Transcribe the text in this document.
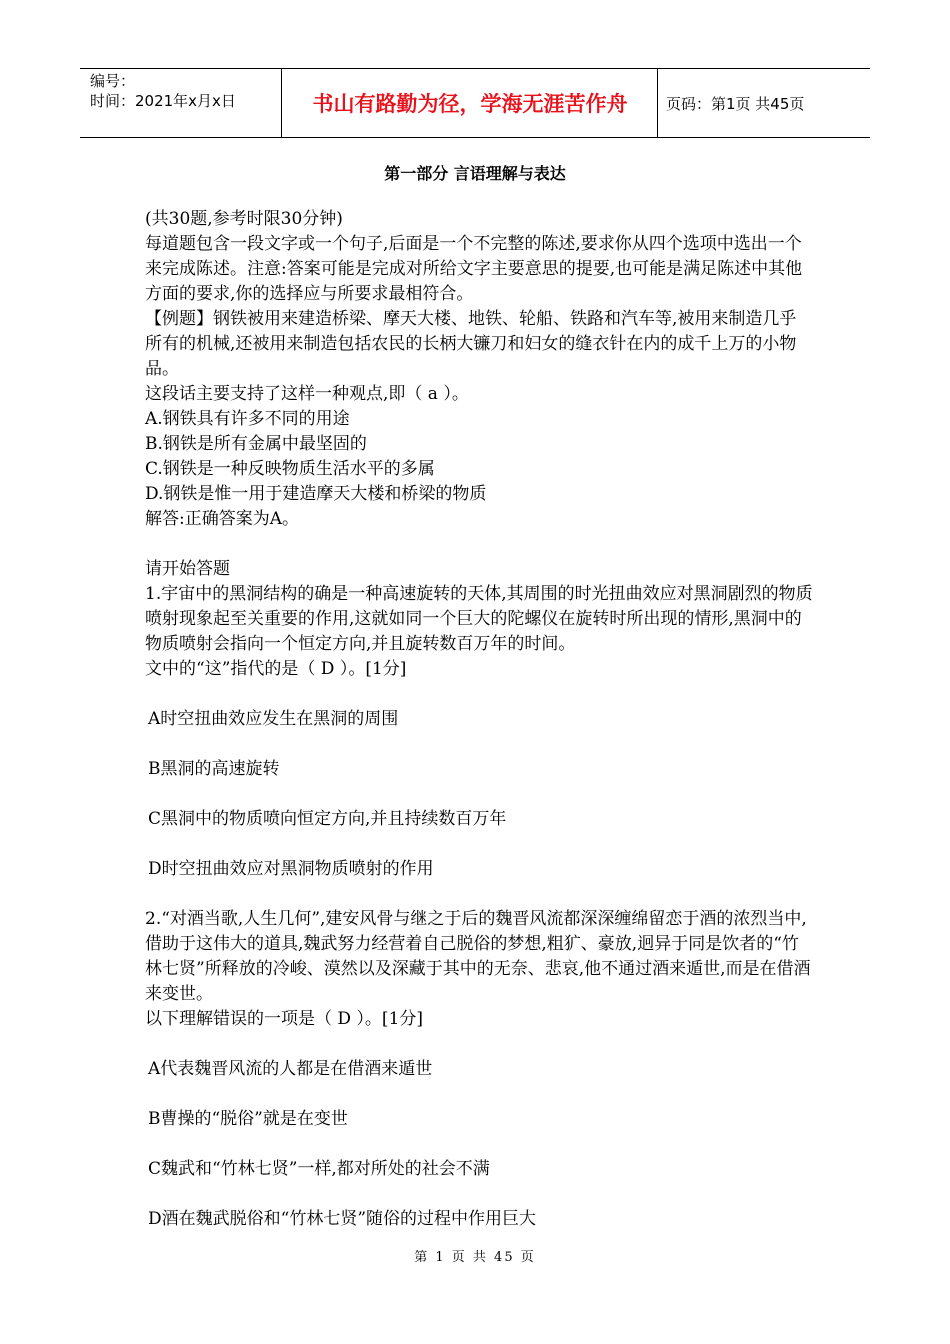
编号：
时间：2021年x月x日	书山有路勤为径，学海无涯苦作舟	页码：第1页 共45页
第一部分 言语理解与表达

(共30题,参考时限30分钟)

每道题包含一段文字或一个句子,后面是一个不完整的陈述,要求你从四个选项中选出一个来完成陈述。注意:答案可能是完成对所给文字主要意思的提要,也可能是满足陈述中其他方面的要求,你的选择应与所要求最相符合。

【例题】钢铁被用来建造桥梁、摩天大楼、地铁、轮船、铁路和汽车等,被用来制造几乎所有的机械,还被用来制造包括农民的长柄大镰刀和妇女的缝衣针在内的成千上万的小物品。

这段话主要支持了这样一种观点,即（ a ）。

A.钢铁具有许多不同的用途

B.钢铁是所有金属中最坚固的

C.钢铁是一种反映物质生活水平的多属

D.钢铁是惟一用于建造摩天大楼和桥梁的物质

解答:正确答案为A。

请开始答题

1.宇宙中的黑洞结构的确是一种高速旋转的天体,其周围的时光扭曲效应对黑洞剧烈的物质喷射现象起至关重要的作用,这就如同一个巨大的陀螺仪在旋转时所出现的情形,黑洞中的物质喷射会指向一个恒定方向,并且旋转数百万年的时间。

文中的“这”指代的是（ D ）。[1分]

A时空扭曲效应发生在黑洞的周围

B黑洞的高速旋转

C黑洞中的物质喷向恒定方向,并且持续数百万年

D时空扭曲效应对黑洞物质喷射的作用

2.“对酒当歌,人生几何”,建安风骨与继之于后的魏晋风流都深深缠绵留恋于酒的浓烈当中,借助于这伟大的道具,魏武努力经营着自己脱俗的梦想,粗犷、豪放,迥异于同是饮者的“竹林七贤”所释放的冷峻、漠然以及深藏于其中的无奈、悲哀,他不通过酒来遁世,而是在借酒来变世。

以下理解错误的一项是（ D ）。[1分]

A代表魏晋风流的人都是在借酒来遁世

B曹操的“脱俗”就是在变世

C魏武和“竹林七贤”一样,都对所处的社会不满

D酒在魏武脱俗和“竹林七贤”随俗的过程中作用巨大

第 1 页 共 45 页
